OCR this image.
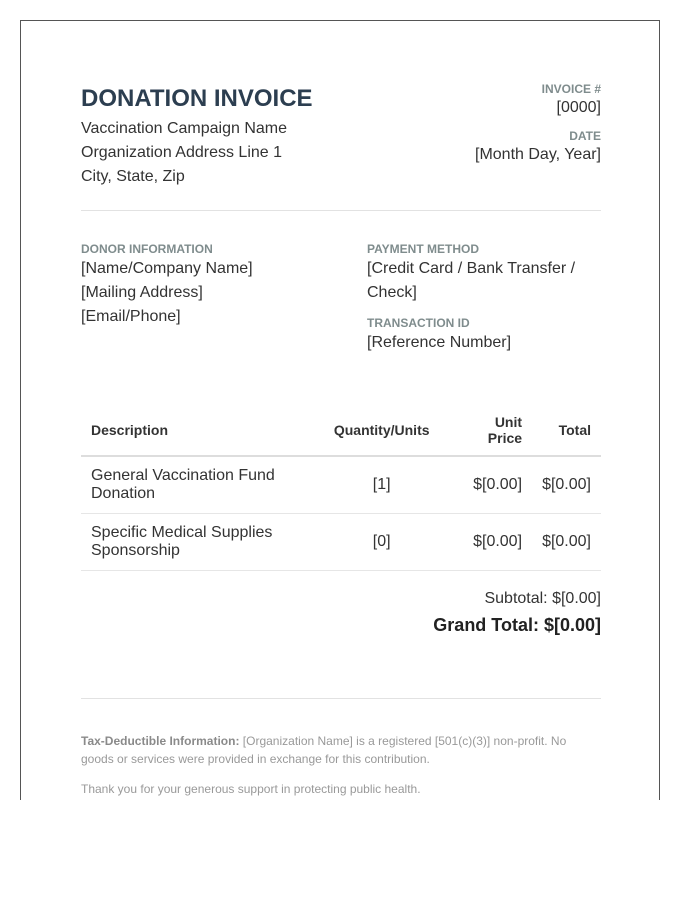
DONATION INVOICE
Vaccination Campaign Name
Organization Address Line 1
City, State, Zip
INVOICE #
[0000]
DATE
[Month Day, Year]
DONOR INFORMATION
[Name/Company Name]
[Mailing Address]
[Email/Phone]
PAYMENT METHOD
[Credit Card / Bank Transfer / Check]
TRANSACTION ID
[Reference Number]
Description	Quantity/Units	Unit Price	Total
General Vaccination Fund Donation	[1]	$[0.00]	$[0.00]
Specific Medical Supplies Sponsorship	[0]	$[0.00]	$[0.00]
Subtotal: $[0.00]
Grand Total: $[0.00]

Tax-Deductible Information: [Organization Name] is a registered [501(c)(3)] non-profit. No goods or services were provided in exchange for this contribution.

Thank you for your generous support in protecting public health.
